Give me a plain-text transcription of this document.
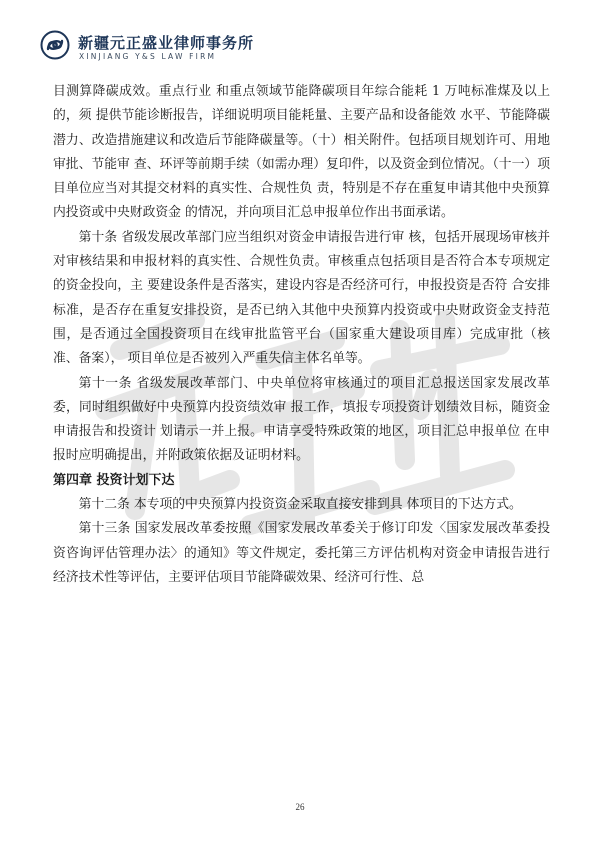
新疆元正盛业律师事务所
XINJIANG Y&S LAW FIRM

目测算降碳成效。重点行业 和重点领域节能降碳项目年综合能耗 1 万吨标准煤及以上的，须 提供节能诊断报告，详细说明项目能耗量、主要产品和设备能效 水平、节能降碳潜力、改造措施建议和改造后节能降碳量等。（十）相关附件。包括项目规划许可、用地审批、节能审 查、环评等前期手续（如需办理）复印件，以及资金到位情况。（十一）项目单位应当对其提交材料的真实性、合规性负 责，特别是不存在重复申请其他中央预算内投资或中央财政资金 的情况，并向项目汇总申报单位作出书面承诺。

第十条 省级发展改革部门应当组织对资金申请报告进行审 核，包括开展现场审核并对审核结果和申报材料的真实性、合规性负责。审核重点包括项目是否符合本专项规定的资金投向，主 要建设条件是否落实，建设内容是否经济可行，申报投资是否符 合安排标准，是否存在重复安排投资，是否已纳入其他中央预算内投资或中央财政资金支持范围，是否通过全国投资项目在线审批监管平台（国家重大建设项目库）完成审批（核准、备案）， 项目单位是否被列入严重失信主体名单等。

第十一条 省级发展改革部门、中央单位将审核通过的项目汇总报送国家发展改革委，同时组织做好中央预算内投资绩效审 报工作，填报专项投资计划绩效目标，随资金申请报告和投资计 划请示一并上报。申请享受特殊政策的地区，项目汇总申报单位 在申报时应明确提出，并附政策依据及证明材料。

第四章 投资计划下达

第十二条 本专项的中央预算内投资资金采取直接安排到具 体项目的下达方式。

第十三条 国家发展改革委按照《国家发展改革委关于修订印发〈国家发展改革委投资咨询评估管理办法〉的通知》等文件规定，委托第三方评估机构对资金申请报告进行经济技术性等评估，主要评估项目节能降碳效果、经济可行性、总

26
